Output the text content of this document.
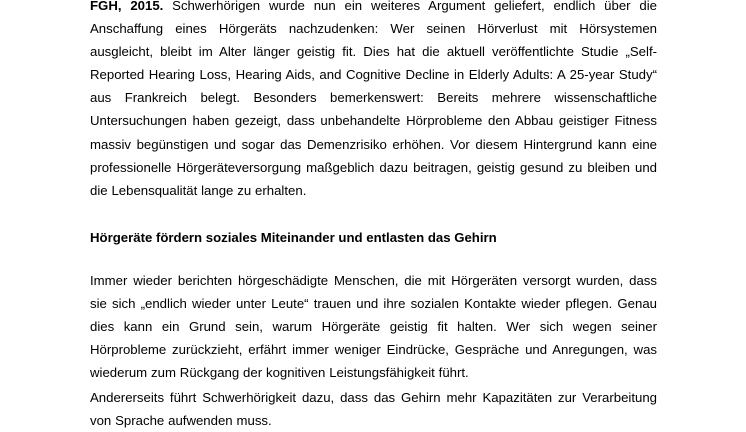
FGH, 2015. Schwerhörigen wurde nun ein weiteres Argument geliefert, endlich über die Anschaffung eines Hörgeräts nachzudenken: Wer seinen Hörverlust mit Hörsystemen ausgleicht, bleibt im Alter länger geistig fit. Dies hat die aktuell veröffentlichte Studie „Self-Reported Hearing Loss, Hearing Aids, and Cognitive Decline in Elderly Adults: A 25-year Study“ aus Frankreich belegt. Besonders bemerkenswert: Bereits mehrere wissenschaftliche Untersuchungen haben gezeigt, dass unbehandelte Hörprobleme den Abbau geistiger Fitness massiv begünstigen und sogar das Demenzrisiko erhöhen. Vor diesem Hintergrund kann eine professionelle Hörgeräteversorgung maßgeblich dazu beitragen, geistig gesund zu bleiben und die Lebensqualität lange zu erhalten.

Hörgeräte fördern soziales Miteinander und entlasten das Gehirn

Immer wieder berichten hörgeschädigte Menschen, die mit Hörgeräten versorgt wurden, dass sie sich „endlich wieder unter Leute“ trauen und ihre sozialen Kontakte wieder pflegen. Genau dies kann ein Grund sein, warum Hörgeräte geistig fit halten. Wer sich wegen seiner Hörprobleme zurückzieht, erfährt immer weniger Eindrücke, Gespräche und Anregungen, was wiederum zum Rückgang der kognitiven Leistungsfähigkeit führt.

Andererseits führt Schwerhörigkeit dazu, dass das Gehirn mehr Kapazitäten zur Verarbeitung von Sprache aufwenden muss.
